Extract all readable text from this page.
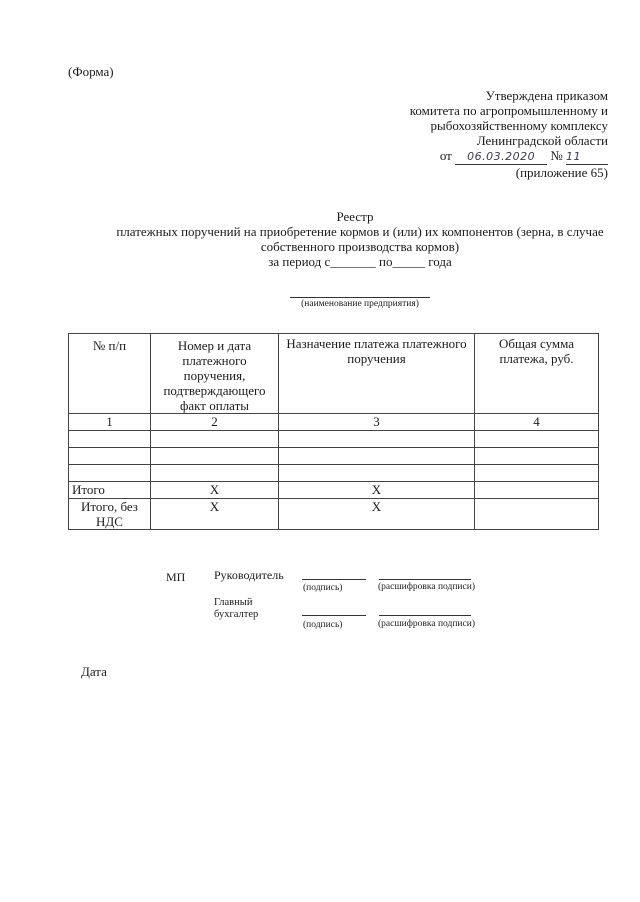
(Форма)
Утверждена приказом
комитета по агропромышленному и
рыбохозяйственному комплексу
Ленинградской области
от 06.03.2020 № 11
(приложение 65)
Реестр
платежных поручений на приобретение кормов и (или) их компонентов (зерна, в случае
собственного производства кормов)
за период с_______ по_____ года
(наименование предприятия)
№ п/п	Номер и дата платежного поручения, подтверждающего факт оплаты	Назначение платежа платежного поручения	Общая сумма платежа, руб.
1	2	3	4

Итого	X	X	
Итого, без НДС	X	X	
МП Руководитель
(подпись)	(расшифровка подписи)
Главный
бухгалтер
(подпись)	(расшифровка подписи)
Дата
